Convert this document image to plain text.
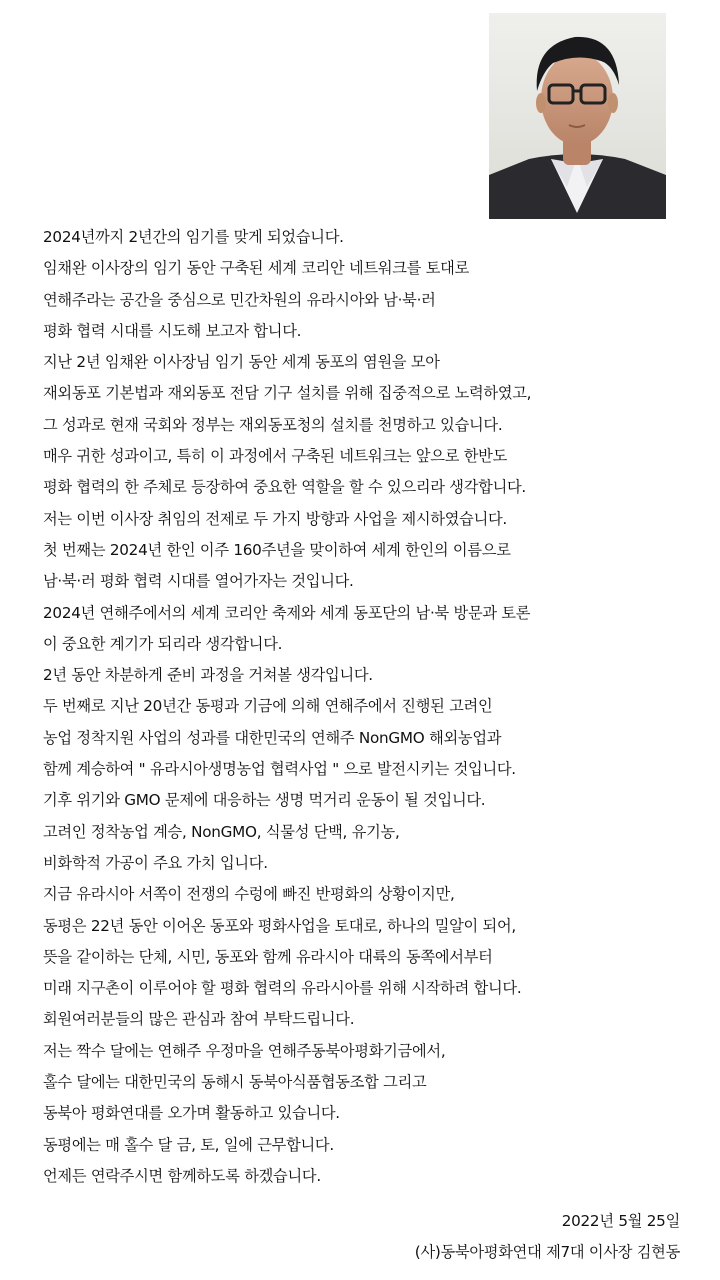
2024년까지 2년간의 임기를 맞게 되었습니다.
임채완 이사장의 임기 동안 구축된 세계 코리안 네트워크를 토대로
연해주라는 공간을 중심으로 민간차원의 유라시아와 남·북·러
평화 협력 시대를 시도해 보고자 합니다.
지난 2년 임채완 이사장님 임기 동안 세계 동포의 염원을 모아
재외동포 기본법과 재외동포 전담 기구 설치를 위해 집중적으로 노력하였고,
그 성과로 현재 국회와 정부는 재외동포청의 설치를 천명하고 있습니다.
매우 귀한 성과이고, 특히 이 과정에서 구축된 네트워크는 앞으로 한반도
평화 협력의 한 주체로 등장하여 중요한 역할을 할 수 있으리라 생각합니다.
저는 이번 이사장 취임의 전제로 두 가지 방향과 사업을 제시하였습니다.
첫 번째는 2024년 한인 이주 160주년을 맞이하여 세계 한인의 이름으로
남·북·러 평화 협력 시대를 열어가자는 것입니다.
2024년 연해주에서의 세계 코리안 축제와 세계 동포단의 남·북 방문과 토론
이 중요한 계기가 되리라 생각합니다.
2년 동안 차분하게 준비 과정을 거쳐볼 생각입니다.
두 번째로 지난 20년간 동평과 기금에 의해 연해주에서 진행된 고려인
농업 정착지원 사업의 성과를 대한민국의 연해주 NonGMO 해외농업과
함께 계승하여 " 유라시아생명농업 협력사업 " 으로 발전시키는 것입니다.
기후 위기와 GMO 문제에 대응하는 생명 먹거리 운동이 될 것입니다.
고려인 정착농업 계승, NonGMO, 식물성 단백, 유기농,
비화학적 가공이 주요 가치 입니다.
지금 유라시아 서쪽이 전쟁의 수렁에 빠진 반평화의 상황이지만,
동평은 22년 동안 이어온 동포와 평화사업을 토대로, 하나의 밀알이 되어,
뜻을 같이하는 단체, 시민, 동포와 함께 유라시아 대륙의 동쪽에서부터
미래 지구촌이 이루어야 할 평화 협력의 유라시아를 위해 시작하려 합니다.
회원여러분들의 많은 관심과 참여 부탁드립니다.
저는 짝수 달에는 연해주 우정마을 연해주동북아평화기금에서,
홀수 달에는 대한민국의 동해시 동북아식품협동조합 그리고
동북아 평화연대를 오가며 활동하고 있습니다.
동평에는 매 홀수 달 금, 토, 일에 근무합니다.
언제든 연락주시면 함께하도록 하겠습니다.
2022년 5월 25일
(사)동북아평화연대 제7대 이사장 김현동
